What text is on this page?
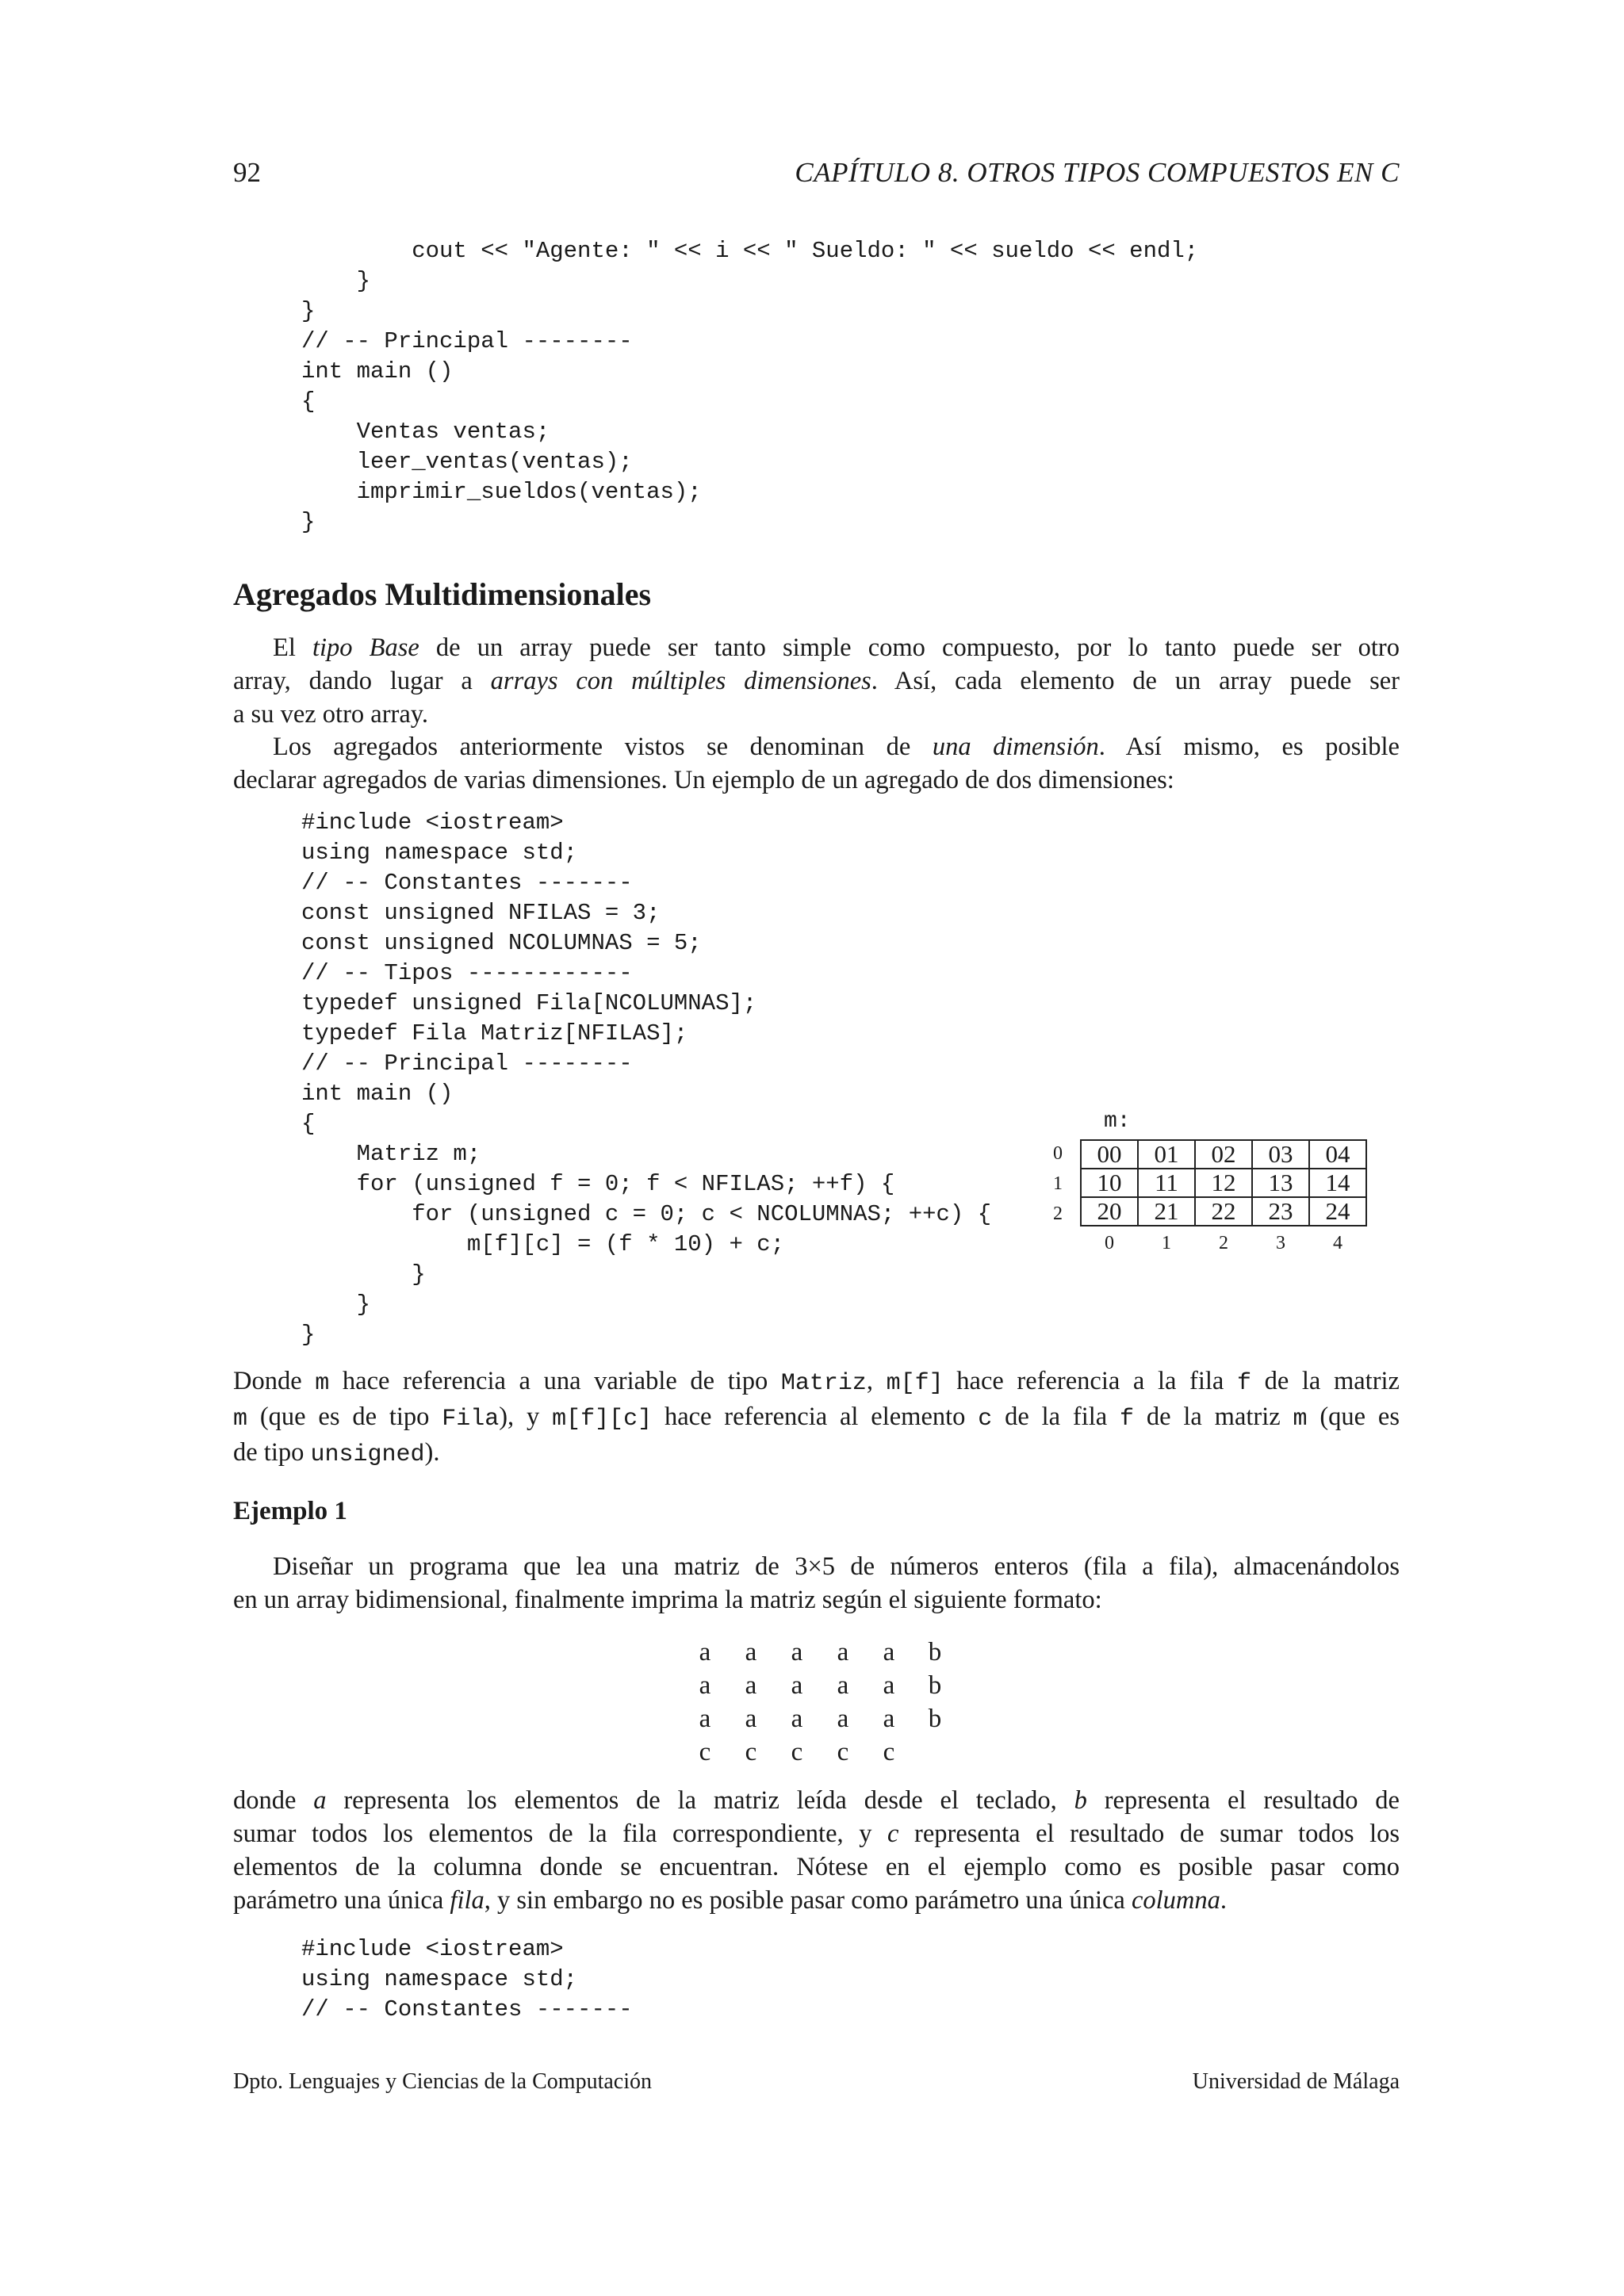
92	CAPÍTULO 8. OTROS TIPOS COMPUESTOS EN C
cout << "Agente: " << i << " Sueldo: " << sueldo << endl;
}
}
// -- Principal --------
int main ()
{
Ventas ventas;
leer_ventas(ventas);
imprimir_sueldos(ventas);
}
Agregados Multidimensionales

El tipo Base de un array puede ser tanto simple como compuesto, por lo tanto puede ser otro
array, dando lugar a arrays con múltiples dimensiones. Así, cada elemento de un array puede ser
a su vez otro array.

Los agregados anteriormente vistos se denominan de una dimensión. Así mismo, es posible
declarar agregados de varias dimensiones. Un ejemplo de un agregado de dos dimensiones:

#include <iostream>
using namespace std;
// -- Constantes -------
const unsigned NFILAS = 3;
const unsigned NCOLUMNAS = 5;
// -- Tipos ------------
typedef unsigned Fila[NCOLUMNAS];
typedef Fila Matriz[NFILAS];
// -- Principal --------
int main ()
{
Matriz m;
for (unsigned f = 0; f < NFILAS; ++f) {
for (unsigned c = 0; c < NCOLUMNAS; ++c) {
m[f][c] = (f * 10) + c;
}
}
}
m:
0
1
2
00	01	02	03	04
10	11	12	13	14
20	21	22	23	24
0	1	2	3	4

Donde m hace referencia a una variable de tipo Matriz, m[f] hace referencia a la fila f de la matriz
m (que es de tipo Fila), y m[f][c] hace referencia al elemento c de la fila f de la matriz m (que es
de tipo unsigned).

Ejemplo 1

Diseñar un programa que lea una matriz de 3×5 de números enteros (fila a fila), almacenándolos
en un array bidimensional, finalmente imprima la matriz según el siguiente formato:

a a a a a b
a a a a a b
a a a a a b
c c c c c

donde a representa los elementos de la matriz leída desde el teclado, b representa el resultado de
sumar todos los elementos de la fila correspondiente, y c representa el resultado de sumar todos los
elementos de la columna donde se encuentran. Nótese en el ejemplo como es posible pasar como
parámetro una única fila, y sin embargo no es posible pasar como parámetro una única columna.

#include <iostream>
using namespace std;
// -- Constantes -------
Dpto. Lenguajes y Ciencias de la Computación	Universidad de Málaga
